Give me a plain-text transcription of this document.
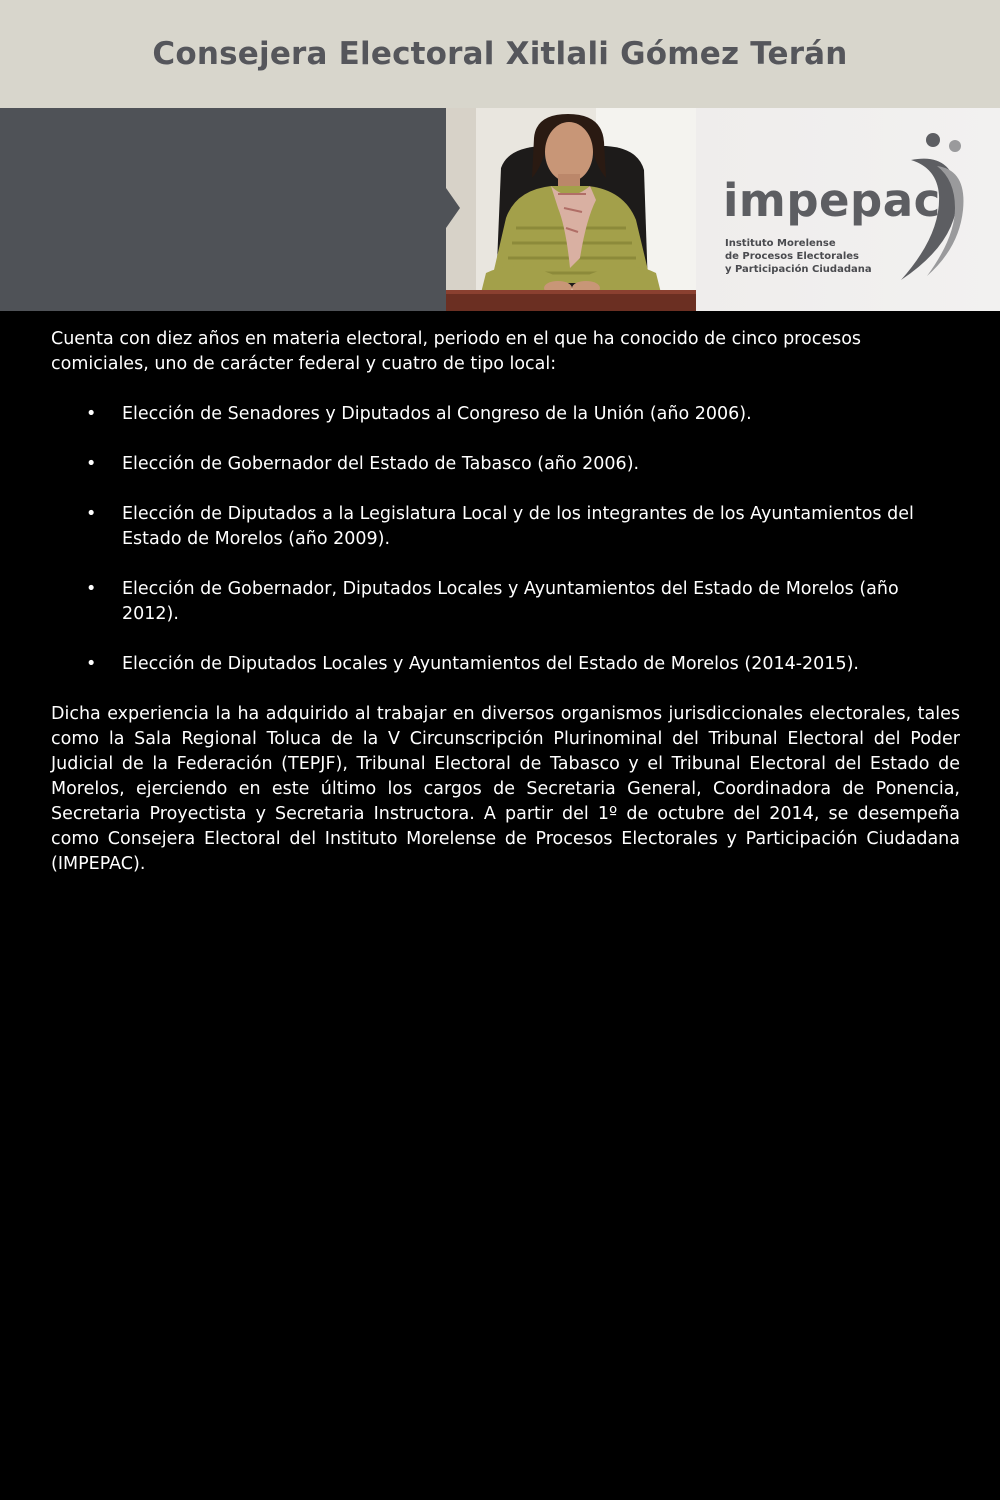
Consejera Electoral Xitlali Gómez Terán
impepac
Instituto Morelense
de Procesos Electorales
y Participación Ciudadana

Cuenta con diez años en materia electoral, periodo en el que ha conocido de cinco procesos comiciales, uno de carácter federal y cuatro de tipo local:

• Elección de Senadores y Diputados al Congreso de la Unión (año 2006).
• Elección de Gobernador del Estado de Tabasco (año 2006).
• Elección de Diputados a la Legislatura Local y de los integrantes de los Ayuntamientos del Estado de Morelos (año 2009).
• Elección de Gobernador, Diputados Locales y Ayuntamientos del Estado de Morelos (año 2012).
• Elección de Diputados Locales y Ayuntamientos del Estado de Morelos (2014-2015).

Dicha experiencia la ha adquirido al trabajar en diversos organismos jurisdiccionales electorales, tales como la Sala Regional Toluca de la V Circunscripción Plurinominal del Tribunal Electoral del Poder Judicial de la Federación (TEPJF), Tribunal Electoral de Tabasco y el Tribunal Electoral del Estado de Morelos, ejerciendo en este último los cargos de Secretaria General, Coordinadora de Ponencia, Secretaria Proyectista y Secretaria Instructora. A partir del 1º de octubre del 2014, se desempeña como Consejera Electoral del Instituto Morelense de Procesos Electorales y Participación Ciudadana (IMPEPAC).
